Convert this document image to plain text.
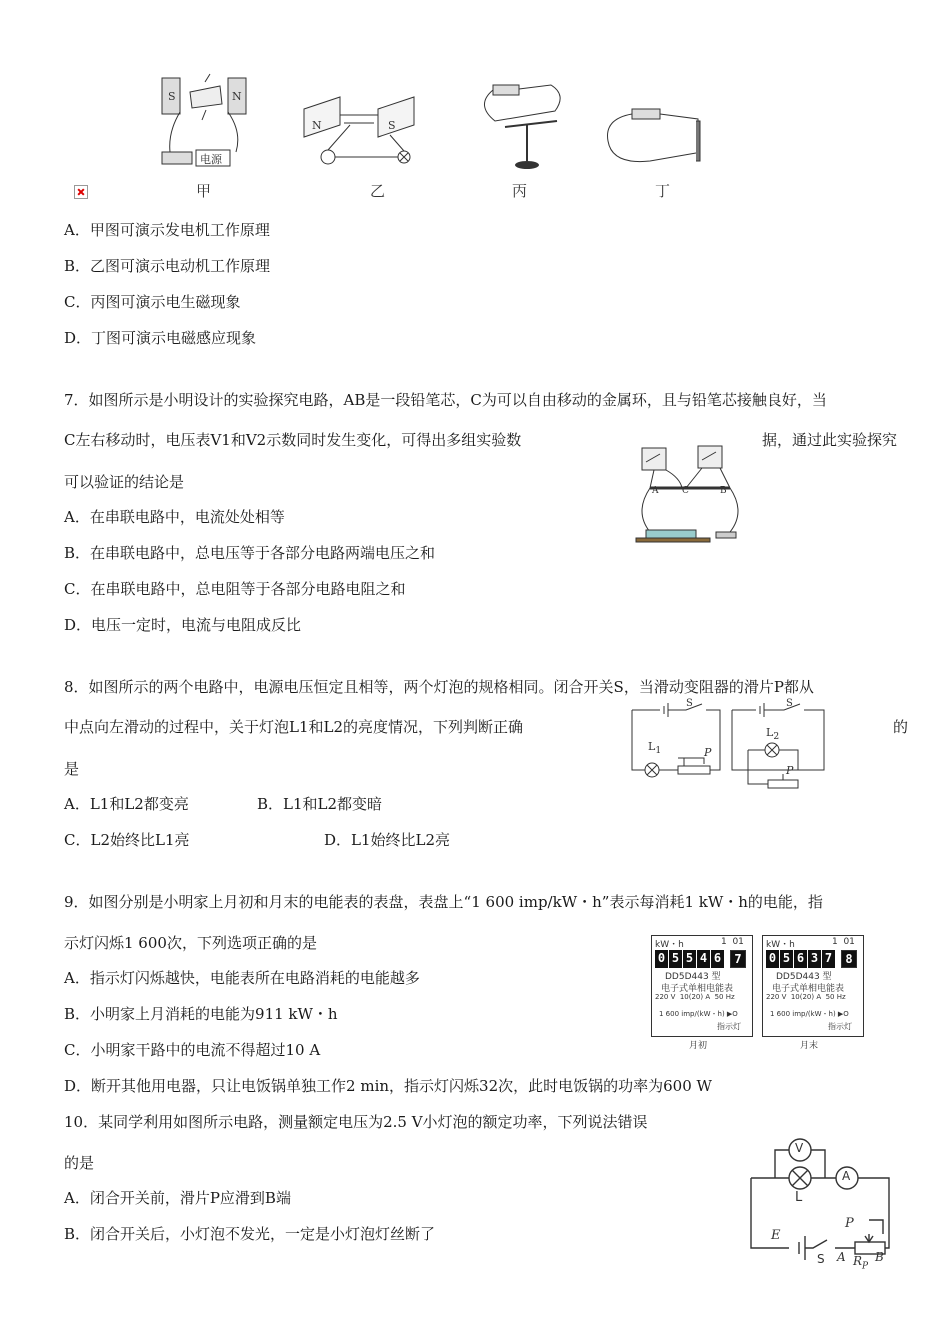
S	N
电源
N	S
甲	乙	丙	丁
A．甲图可演示发电机工作原理
B．乙图可演示电动机工作原理
C．丙图可演示电生磁现象
D．丁图可演示电磁感应现象
7．如图所示是小明设计的实验探究电路，AB是一段铅笔芯，C为可以自由移动的金属环，且与铅笔芯接触良好，当
C左右移动时，电压表V1和V2示数同时发生变化，可得出多组实验数	据，通过此实验探究
可以验证的结论是	A	C	B
A．在串联电路中，电流处处相等
B．在串联电路中，总电压等于各部分电路两端电压之和
C．在串联电路中，总电阻等于各部分电路电阻之和
D．电压一定时，电流与电阻成反比
8．如图所示的两个电路中，电源电压恒定且相等，两个灯泡的规格相同。闭合开关S，当滑动变阻器的滑片P都从
中点向左滑动的过程中，关于灯泡L1和L2的亮度情况，下列判断正确	的
是
S
$L_1$	P
S
$L_2$
P
A．L1和L2都变亮	B．L1和L2都变暗
C．L2始终比L1亮	D．L1始终比L2亮
9．如图分别是小明家上月初和月末的电能表的表盘，表盘上“1 600 imp/kW・h”表示每消耗1 kW・h的电能，指
示灯闪烁1 600次，下列选项正确的是	kW・h	1  01
0 5 5 4 6	7
DD5D443 型
电子式单相电能表
220 V  10(20) A  50 Hz
1 600 imp/(kW・h) ▶O
指示灯
月初
kW・h	1  01
0 5 6 3 7	8
DD5D443 型
电子式单相电能表
220 V  10(20) A  50 Hz
1 600 imp/(kW・h) ▶O
指示灯
月末
A．指示灯闪烁越快，电能表所在电路消耗的电能越多
B．小明家上月消耗的电能为911 kW・h
C．小明家干路中的电流不得超过10 A
D．断开其他用电器，只让电饭锅单独工作2 min，指示灯闪烁32次，此时电饭锅的功率为600 W
10．某同学利用如图所示电路，测量额定电压为2.5 V小灯泡的额定功率，下列说法错误
的是
A．闭合开关前，滑片P应滑到B端
B．闭合开关后，小灯泡不发光，一定是小灯泡灯丝断了
V
A
L
E
S
P
A B
$R_P$
